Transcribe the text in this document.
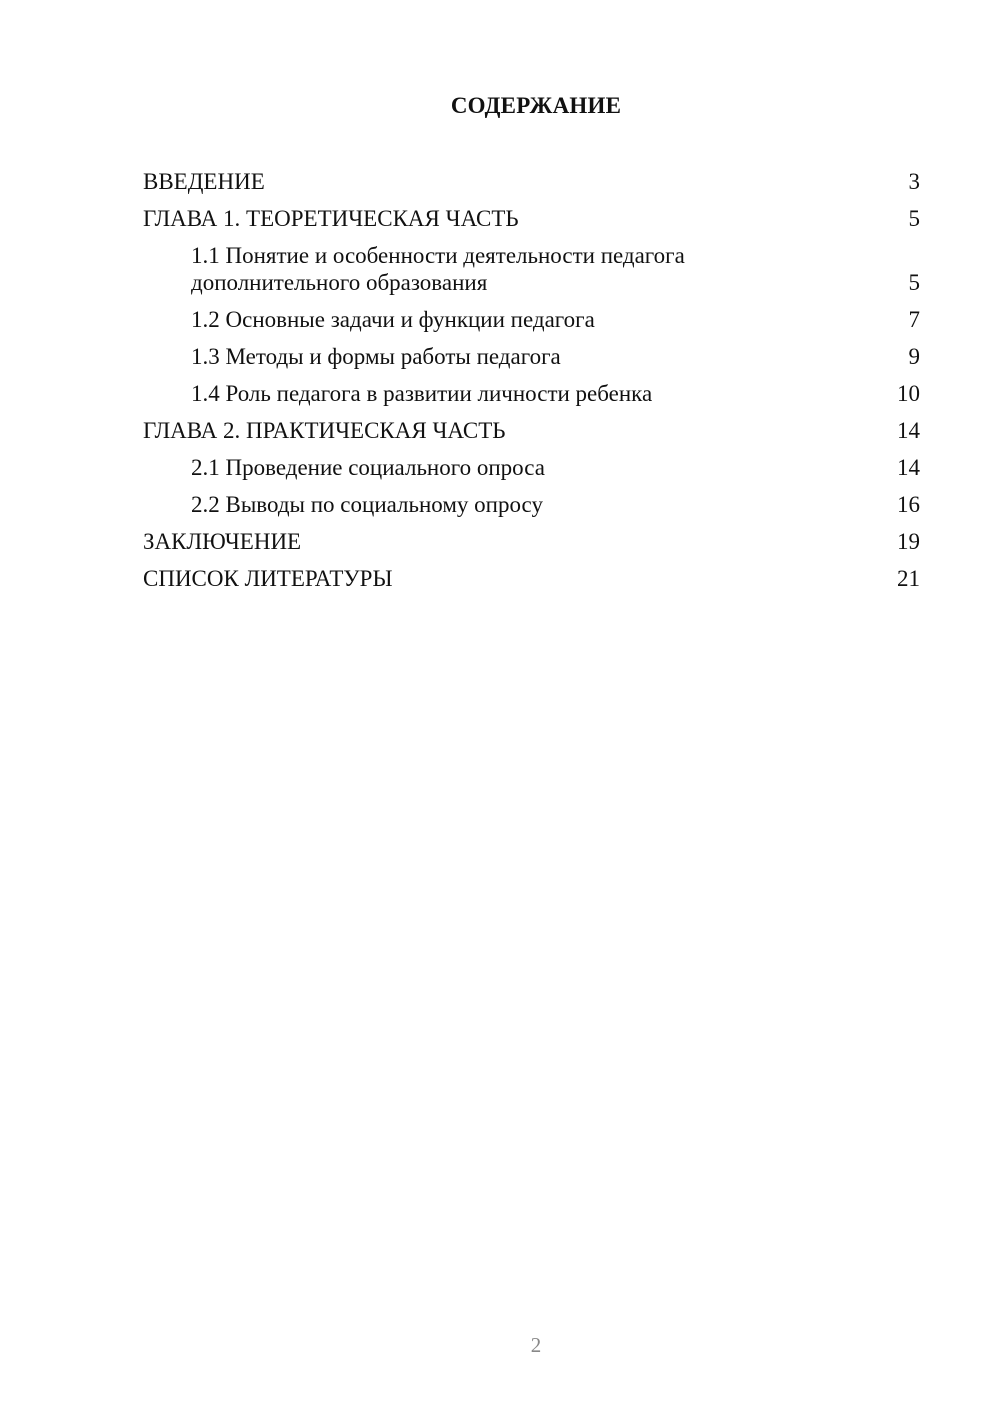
СОДЕРЖАНИЕ
ВВЕДЕНИЕ	3
ГЛАВА 1. ТЕОРЕТИЧЕСКАЯ ЧАСТЬ	5
1.1 Понятие и особенности деятельности педагога дополнительного образования	5
1.2 Основные задачи и функции педагога	7
1.3 Методы и формы работы педагога	9
1.4 Роль педагога в развитии личности ребенка	10
ГЛАВА 2. ПРАКТИЧЕСКАЯ ЧАСТЬ	14
2.1 Проведение социального опроса	14
2.2 Выводы по социальному опросу	16
ЗАКЛЮЧЕНИЕ	19
СПИСОК ЛИТЕРАТУРЫ	21
2
